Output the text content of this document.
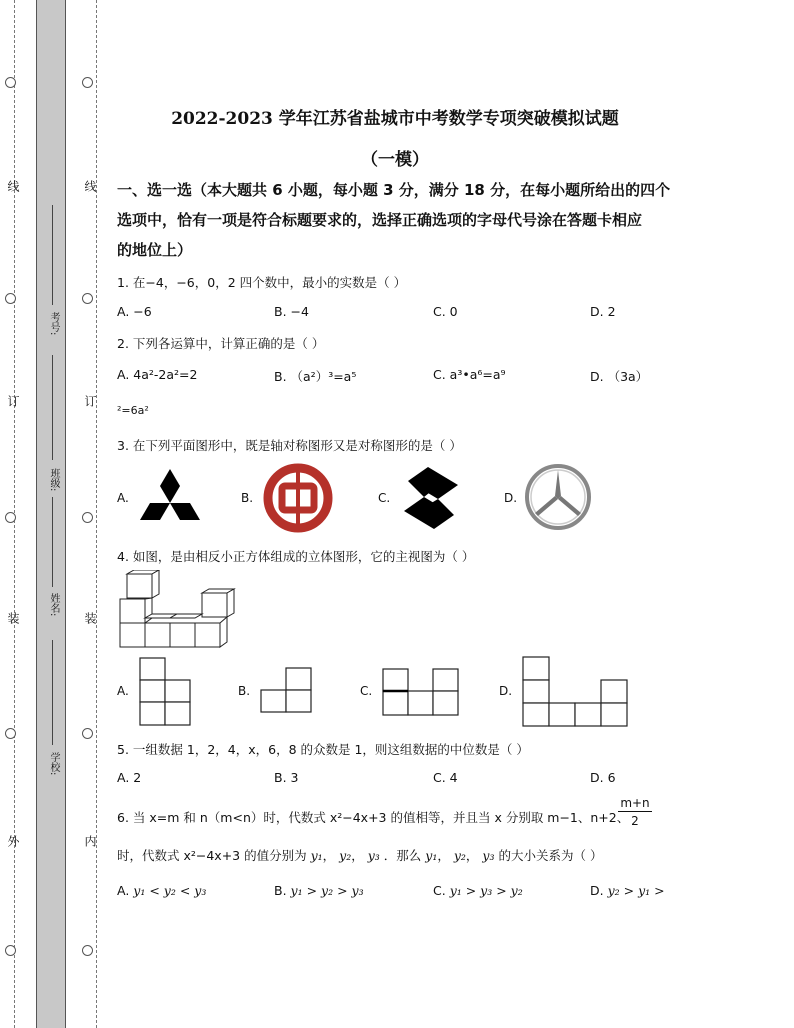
线
订
装
外
线
订
装
内
考号:
班级:
姓名:
学校:
2022-2023 学年江苏省盐城市中考数学专项突破模拟试题
（一模）
一、选一选（本大题共 6 小题，每小题 3 分，满分 18 分，在每小题所给出的四个
选项中，恰有一项是符合标题要求的，选择正确选项的字母代号涂在答题卡相应
的地位上）
1. 在−4，−6，0，2 四个数中，最小的实数是（ ）
A. −6	B. −4	C. 0	D. 2
2. 下列各运算中，计算正确的是（ ）
A. 4a²-2a²=2	B. （a²）³=a⁵	C. a³•a⁶=a⁹	D. （3a）
²=6a²
3. 在下列平面图形中，既是轴对称图形又是对称图形的是（ ）
A.	B.	C.	D.
4. 如图，是由相反小正方体组成的立体图形，它的主视图为（ ）
A.	B.	C.	D.
5. 一组数据 1，2，4，x，6，8 的众数是 1，则这组数据的中位数是（ ）
A. 2	B. 3	C. 4	D. 6
6. 当 x=m 和 n（m<n）时，代数式 x²−4x+3 的值相等，并且当 x 分别取 m−1、n+2、
$\frac{m+n}{2}$
时，代数式 x²−4x+3 的值分别为 y₁， y₂， y₃ ．那么 y₁， y₂， y₃ 的大小关系为（ ）
A. y₁ < y₂ < y₃	B. y₁ > y₂ > y₃	C. y₁ > y₃ > y₂	D. y₂ > y₁ >
